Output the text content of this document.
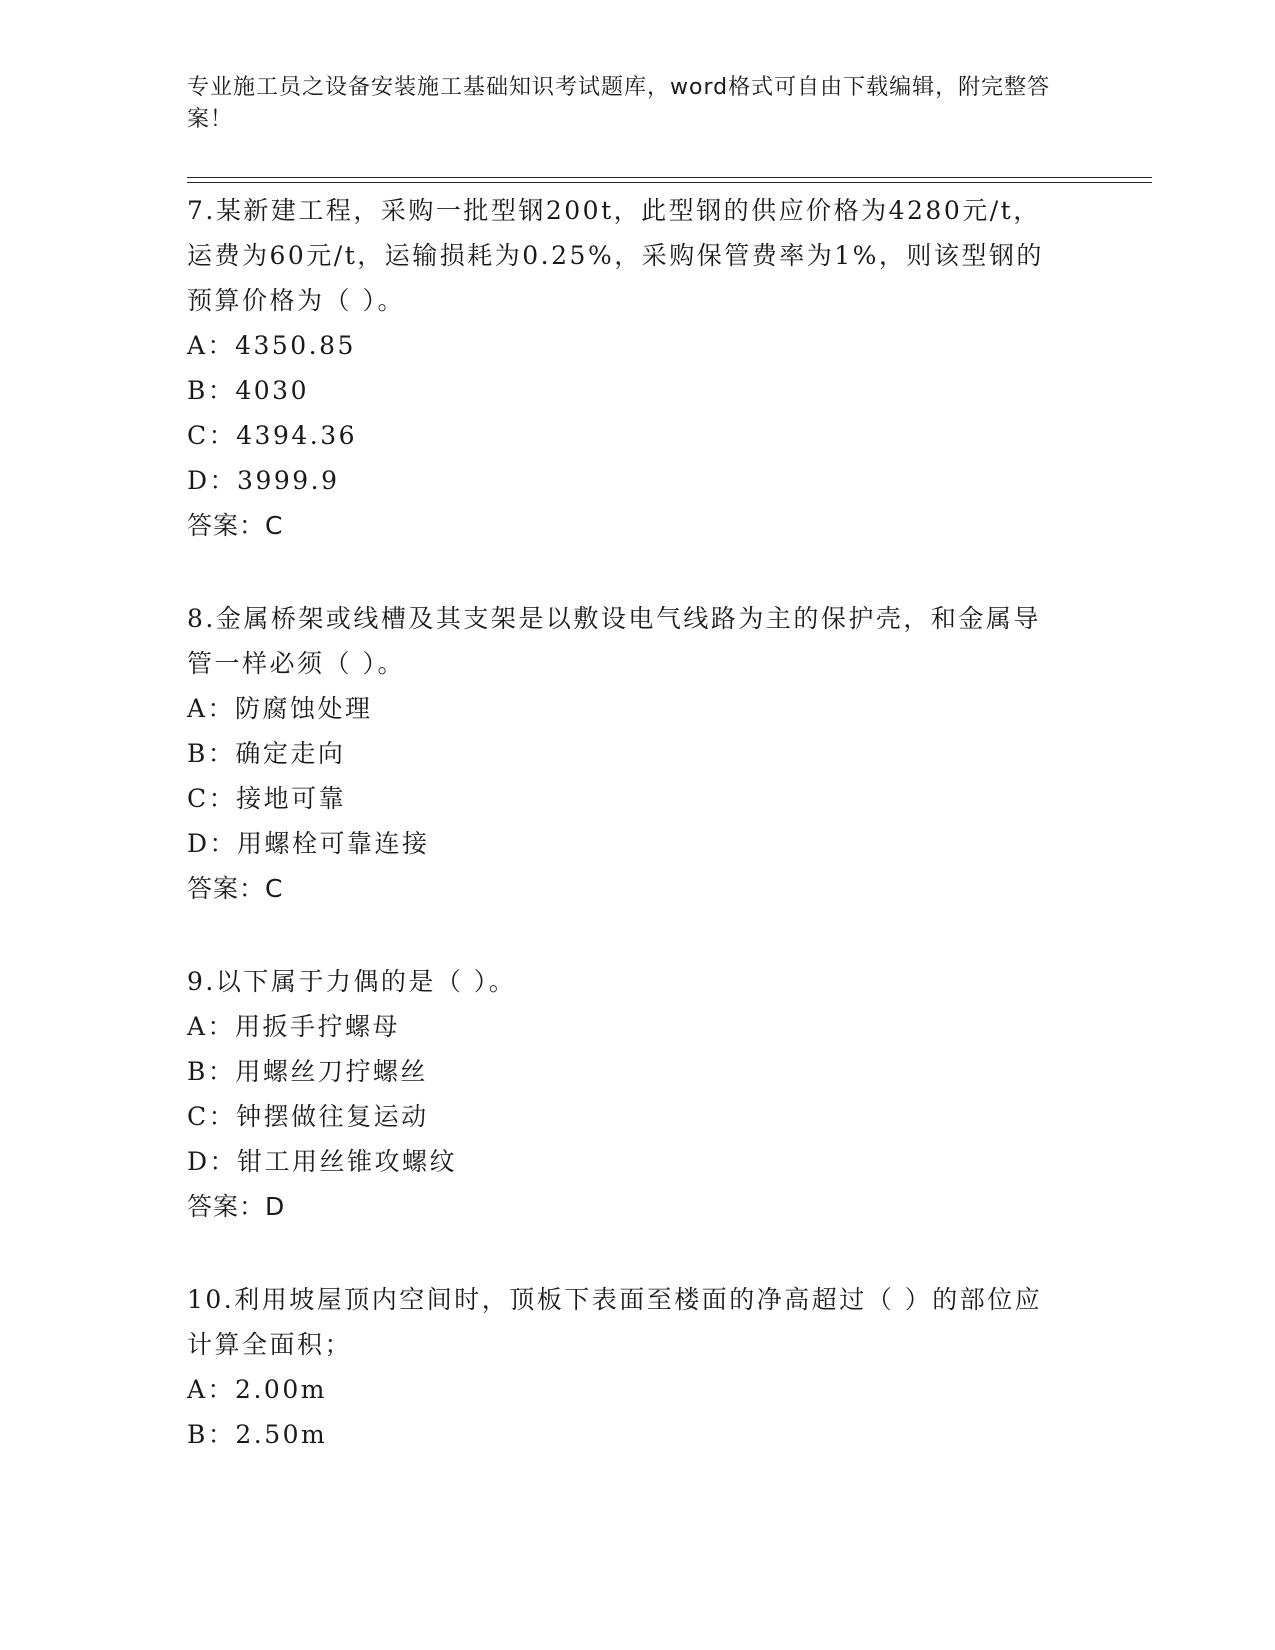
专业施工员之设备安装施工基础知识考试题库，word格式可自由下载编辑，附完整答案！

7.某新建工程，采购一批型钢200t，此型钢的供应价格为4280元/t，运费为60元/t，运输损耗为0.25%，采购保管费率为1%，则该型钢的预算价格为（ ）。

A：4350.85

B：4030

C：4394.36

D：3999.9

答案：C

8.金属桥架或线槽及其支架是以敷设电气线路为主的保护壳，和金属导管一样必须（ ）。

A：防腐蚀处理

B：确定走向

C：接地可靠

D：用螺栓可靠连接

答案：C

9.以下属于力偶的是（ ）。

A：用扳手拧螺母

B：用螺丝刀拧螺丝

C：钟摆做往复运动

D：钳工用丝锥攻螺纹

答案：D

10.利用坡屋顶内空间时，顶板下表面至楼面的净高超过（ ）的部位应计算全面积；

A：2.00m

B：2.50m
